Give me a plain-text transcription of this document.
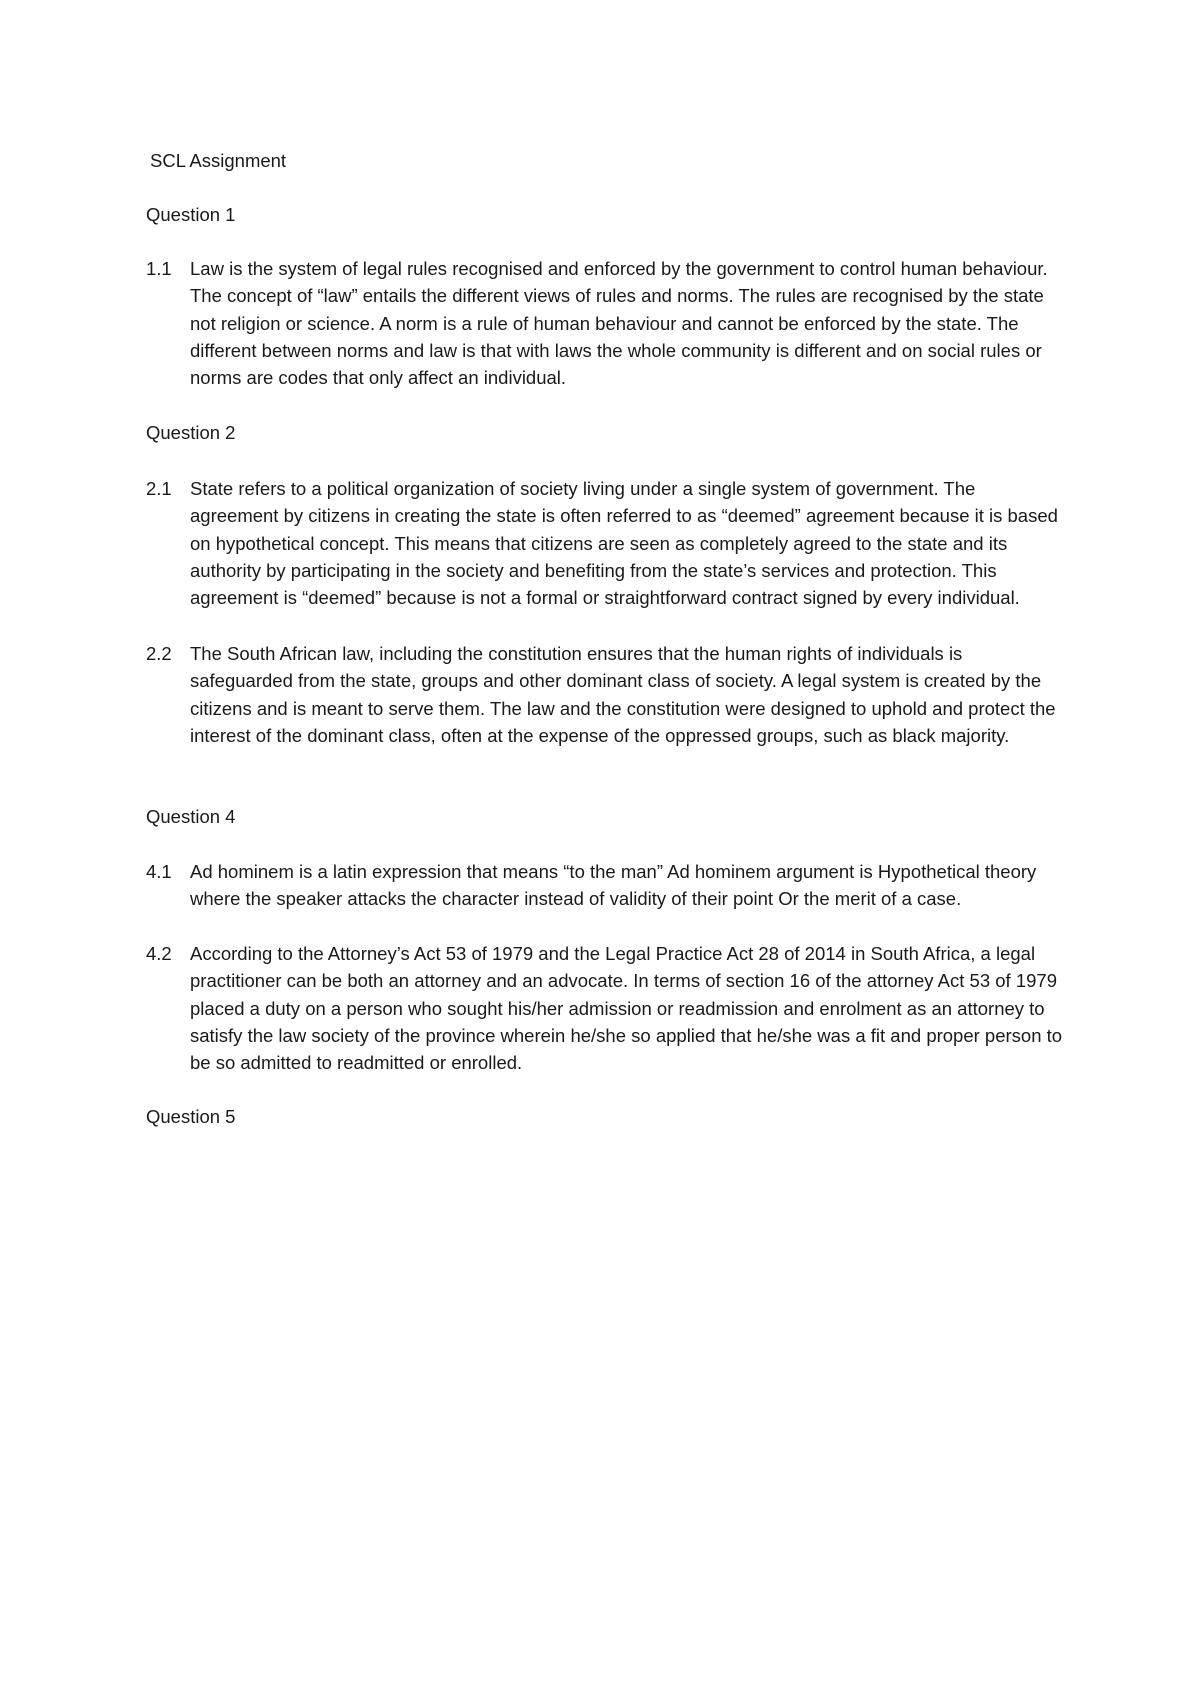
SCL Assignment
Question 1
1.1 Law is the system of legal rules recognised and enforced by the government to control human behaviour. The concept of “law” entails the different views of rules and norms. The rules are recognised by the state not religion or science. A norm is a rule of human behaviour and cannot be enforced by the state. The different between norms and law is that with laws the whole community is different and on social rules or norms are codes that only affect an individual.
Question 2
2.1 State refers to a political organization of society living under a single system of government. The agreement by citizens in creating the state is often referred to as “deemed” agreement because it is based on hypothetical concept. This means that citizens are seen as completely agreed to the state and its authority by participating in the society and benefiting from the state’s services and protection. This agreement is “deemed” because is not a formal or straightforward contract signed by every individual.
2.2 The South African law, including the constitution ensures that the human rights of individuals is safeguarded from the state, groups and other dominant class of society. A legal system is created by the citizens and is meant to serve them. The law and the constitution were designed to uphold and protect the interest of the dominant class, often at the expense of the oppressed groups, such as black majority.
Question 4
4.1 Ad hominem is a latin expression that means “to the man” Ad hominem argument is Hypothetical theory where the speaker attacks the character instead of validity of their point Or the merit of a case.
4.2 According to the Attorney’s Act 53 of 1979 and the Legal Practice Act 28 of 2014 in South Africa, a legal practitioner can be both an attorney and an advocate. In terms of section 16 of the attorney Act 53 of 1979 placed a duty on a person who sought his/her admission or readmission and enrolment as an attorney to satisfy the law society of the province wherein he/she so applied that he/she was a fit and proper person to be so admitted to readmitted or enrolled.
Question 5
